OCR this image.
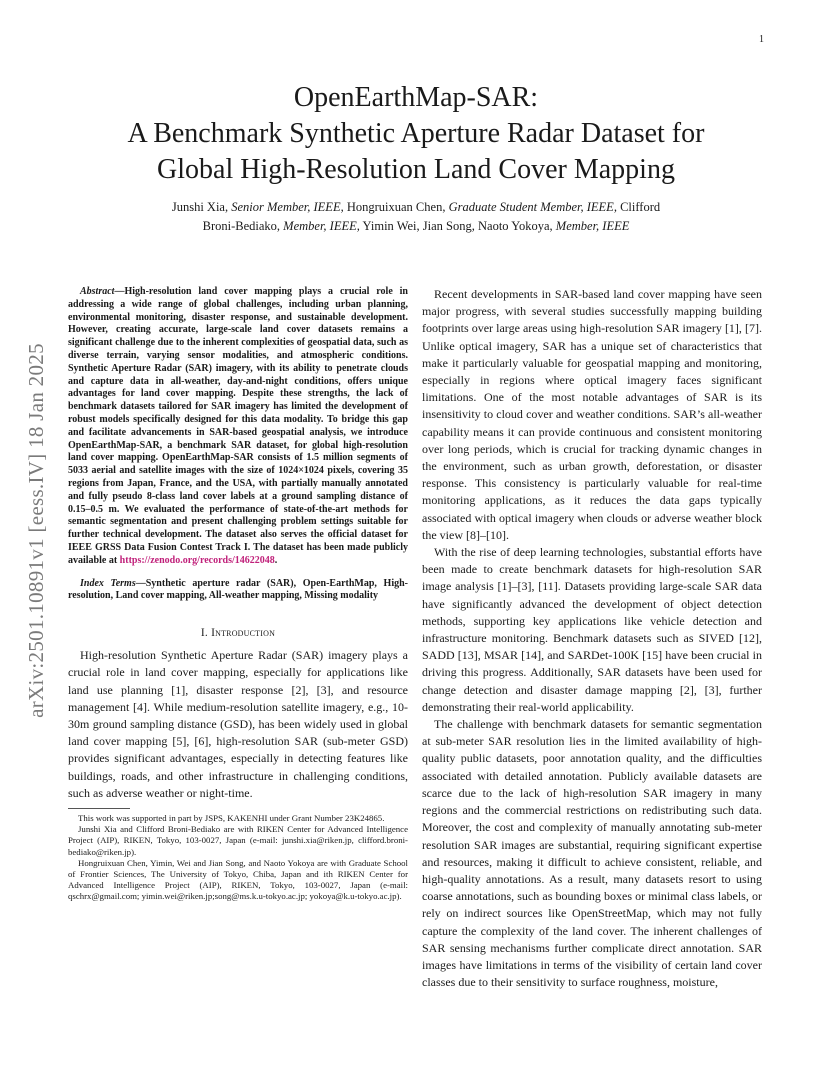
1
arXiv:2501.10891v1 [eess.IV] 18 Jan 2025
OpenEarthMap-SAR:
A Benchmark Synthetic Aperture Radar Dataset for
Global High-Resolution Land Cover Mapping
Junshi Xia, Senior Member, IEEE, Hongruixuan Chen, Graduate Student Member, IEEE, Clifford
Broni-Bediako, Member, IEEE, Yimin Wei, Jian Song, Naoto Yokoya, Member, IEEE

Abstract—High-resolution land cover mapping plays a crucial role in addressing a wide range of global challenges, including urban planning, environmental monitoring, disaster response, and sustainable development. However, creating accurate, large-scale land cover datasets remains a significant challenge due to the inherent complexities of geospatial data, such as diverse terrain, varying sensor modalities, and atmospheric conditions. Synthetic Aperture Radar (SAR) imagery, with its ability to penetrate clouds and capture data in all-weather, day-and-night conditions, offers unique advantages for land cover mapping. Despite these strengths, the lack of benchmark datasets tailored for SAR imagery has limited the development of robust models specifically designed for this data modality. To bridge this gap and facilitate advancements in SAR-based geospatial analysis, we introduce OpenEarthMap-SAR, a benchmark SAR dataset, for global high-resolution land cover mapping. OpenEarthMap-SAR consists of 1.5 million segments of 5033 aerial and satellite images with the size of 1024×1024 pixels, covering 35 regions from Japan, France, and the USA, with partially manually annotated and fully pseudo 8-class land cover labels at a ground sampling distance of 0.15–0.5 m. We evaluated the performance of state-of-the-art methods for semantic segmentation and present challenging problem settings suitable for further technical development. The dataset also serves the official dataset for IEEE GRSS Data Fusion Contest Track I. The dataset has been made publicly available at https://zenodo.org/records/14622048.

Index Terms—Synthetic aperture radar (SAR), Open-EarthMap, High-resolution, Land cover mapping, All-weather mapping, Missing modality

I. Introduction

High-resolution Synthetic Aperture Radar (SAR) imagery plays a crucial role in land cover mapping, especially for applications like land use planning [1], disaster response [2], [3], and resource management [4]. While medium-resolution satellite imagery, e.g., 10-30m ground sampling distance (GSD), has been widely used in global land cover mapping [5], [6], high-resolution SAR (sub-meter GSD) provides significant advantages, especially in detecting features like buildings, roads, and other infrastructure in challenging conditions, such as adverse weather or night-time.

This work was supported in part by JSPS, KAKENHI under Grant Number 23K24865.

Junshi Xia and Clifford Broni-Bediako are with RIKEN Center for Advanced Intelligence Project (AIP), RIKEN, Tokyo, 103-0027, Japan (e-mail: junshi.xia@riken.jp, clifford.broni-bediako@riken.jp).

Hongruixuan Chen, Yimin, Wei and Jian Song, and Naoto Yokoya are with Graduate School of Frontier Sciences, The University of Tokyo, Chiba, Japan and ith RIKEN Center for Advanced Intelligence Project (AIP), RIKEN, Tokyo, 103-0027, Japan (e-mail: qschrx@gmail.com; yimin.wei@riken.jp;song@ms.k.u-tokyo.ac.jp; yokoya@k.u-tokyo.ac.jp).

Recent developments in SAR-based land cover mapping have seen major progress, with several studies successfully mapping building footprints over large areas using high-resolution SAR imagery [1], [7]. Unlike optical imagery, SAR has a unique set of characteristics that make it particularly valuable for geospatial mapping and monitoring, especially in regions where optical imagery faces significant limitations. One of the most notable advantages of SAR is its insensitivity to cloud cover and weather conditions. SAR’s all-weather capability means it can provide continuous and consistent monitoring over long periods, which is crucial for tracking dynamic changes in the environment, such as urban growth, deforestation, or disaster response. This consistency is particularly valuable for real-time monitoring applications, as it reduces the data gaps typically associated with optical imagery when clouds or adverse weather block the view [8]–[10].

With the rise of deep learning technologies, substantial efforts have been made to create benchmark datasets for high-resolution SAR image analysis [1]–[3], [11]. Datasets providing large-scale SAR data have significantly advanced the development of object detection methods, supporting key applications like vehicle detection and infrastructure monitoring. Benchmark datasets such as SIVED [12], SADD [13], MSAR [14], and SARDet-100K [15] have been crucial in driving this progress. Additionally, SAR datasets have been used for change detection and disaster damage mapping [2], [3], further demonstrating their real-world applicability.

The challenge with benchmark datasets for semantic segmentation at sub-meter SAR resolution lies in the limited availability of high-quality public datasets, poor annotation quality, and the difficulties associated with detailed annotation. Publicly available datasets are scarce due to the lack of high-resolution SAR imagery in many regions and the commercial restrictions on redistributing such data. Moreover, the cost and complexity of manually annotating sub-meter resolution SAR images are substantial, requiring significant expertise and resources, making it difficult to achieve consistent, reliable, and high-quality annotations. As a result, many datasets resort to using coarse annotations, such as bounding boxes or minimal class labels, or rely on indirect sources like OpenStreetMap, which may not fully capture the complexity of the land cover. The inherent challenges of SAR sensing mechanisms further complicate direct annotation. SAR images have limitations in terms of the visibility of certain land cover classes due to their sensitivity to surface roughness, moisture,
